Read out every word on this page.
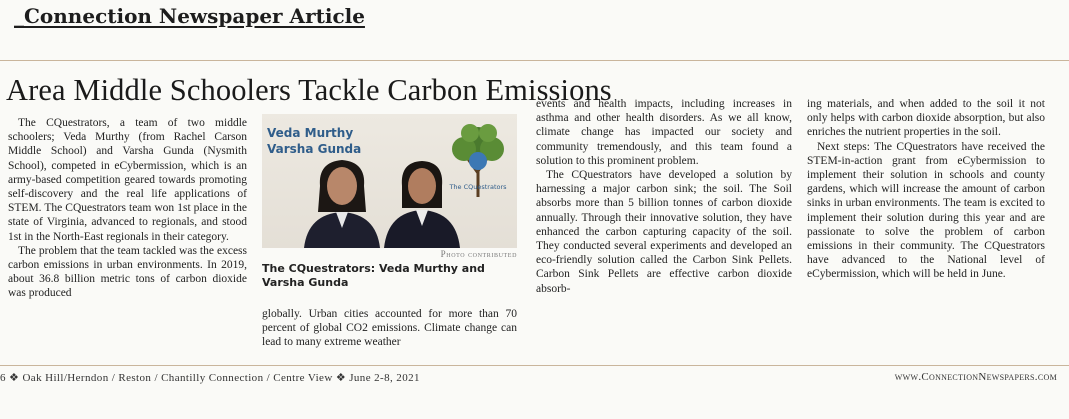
_Connection Newspaper Article
Area Middle Schoolers Tackle Carbon Emissions

The CQuestrators, a team of two middle schoolers; Veda Murthy (from Rachel Carson Middle School) and Varsha Gunda (Nysmith School), competed in eCybermission, which is an army-based competition geared towards promoting self-discovery and the real life applications of STEM. The CQuestrators team won 1st place in the state of Virginia, advanced to regionals, and stood 1st in the North-East regionals in their category.

The problem that the team tackled was the excess carbon emissions in urban environments. In 2019, about 36.8 billion metric tons of carbon dioxide was produced

Veda Murthy
Varsha Gunda
The CQuestrators
Photo contributed
The CQuestrators: Veda Murthy and Varsha Gunda

globally. Urban cities accounted for more than 70 percent of global CO2 emissions. Climate change can lead to many extreme weather

events and health impacts, including increases in asthma and other health disorders. As we all know, climate change has impacted our society and community tremendously, and this team found a solution to this prominent problem.

The CQuestrators have developed a solution by harnessing a major carbon sink; the soil. The Soil absorbs more than 5 billion tonnes of carbon dioxide annually. Through their innovative solution, they have enhanced the carbon capturing capacity of the soil. They conducted several experiments and developed an eco-friendly solution called the Carbon Sink Pellets. Carbon Sink Pellets are effective carbon dioxide absorb-

ing materials, and when added to the soil it not only helps with carbon dioxide absorption, but also enriches the nutrient properties in the soil.

Next steps: The CQuestrators have received the STEM-in-action grant from eCybermission to implement their solution in schools and county gardens, which will increase the amount of carbon sinks in urban environments. The team is excited to implement their solution during this year and are passionate to solve the problem of carbon emissions in their community. The CQuestrators have advanced to the National level of eCybermission, which will be held in June.

6 ❖ Oak Hill/Herndon / Reston / Chantilly Connection / Centre View ❖ June 2-8, 2021	www.ConnectionNewspapers.com
